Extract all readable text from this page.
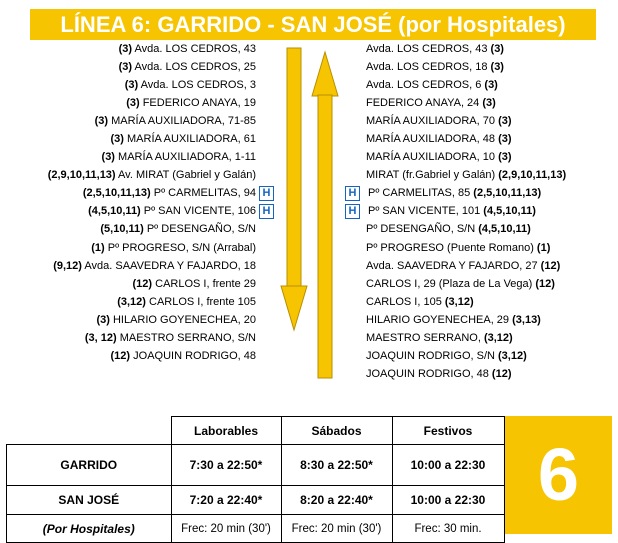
LÍNEA 6: GARRIDO - SAN JOSÉ (por Hospitales)
(3) Avda. LOS CEDROS, 43
(3) Avda. LOS CEDROS, 25
(3) Avda. LOS CEDROS, 3
(3) FEDERICO ANAYA, 19
(3) MARÍA AUXILIADORA, 71-85
(3) MARÍA AUXILIADORA, 61
(3) MARÍA AUXILIADORA, 1-11
(2,9,10,11,13) Av. MIRAT (Gabriel y Galán)
(2,5,10,11,13) Pº CARMELITAS, 94
(4,5,10,11) Pº SAN VICENTE, 106
(5,10,11) Pº DESENGAÑO, S/N
(1) Pº PROGRESO, S/N (Arrabal)
(9,12) Avda. SAAVEDRA Y FAJARDO, 18
(12) CARLOS I, frente 29
(3,12) CARLOS I, frente 105
(3) HILARIO GOYENECHEA, 20
(3, 12) MAESTRO SERRANO, S/N
(12) JOAQUIN RODRIGO, 48
Avda. LOS CEDROS, 43 (3)
Avda. LOS CEDROS, 18 (3)
Avda. LOS CEDROS, 6 (3)
FEDERICO ANAYA, 24 (3)
MARÍA AUXILIADORA, 70 (3)
MARÍA AUXILIADORA, 48 (3)
MARÍA AUXILIADORA, 10 (3)
MIRAT (fr.Gabriel y Galán) (2,9,10,11,13)
Pº CARMELITAS, 85 (2,5,10,11,13)
Pº SAN VICENTE, 101 (4,5,10,11)
Pº DESENGAÑO, S/N (4,5,10,11)
Pº PROGRESO (Puente Romano) (1)
Avda. SAAVEDRA Y FAJARDO, 27 (12)
CARLOS I, 29 (Plaza de La Vega) (12)
CARLOS I, 105 (3,12)
HILARIO GOYENECHEA, 29 (3,13)
MAESTRO SERRANO, (3,12)
JOAQUIN RODRIGO, S/N (3,12)
JOAQUIN RODRIGO, 48 (12)
	Laborables	Sábados	Festivos
GARRIDO	7:30 a 22:50*	8:30 a 22:50*	10:00 a 22:30
SAN JOSÉ	7:20 a 22:40*	8:20 a 22:40*	10:00 a 22:30
(Por Hospitales)	Frec: 20 min (30')	Frec: 20 min (30')	Frec: 30 min.
6
H
H
H
H
